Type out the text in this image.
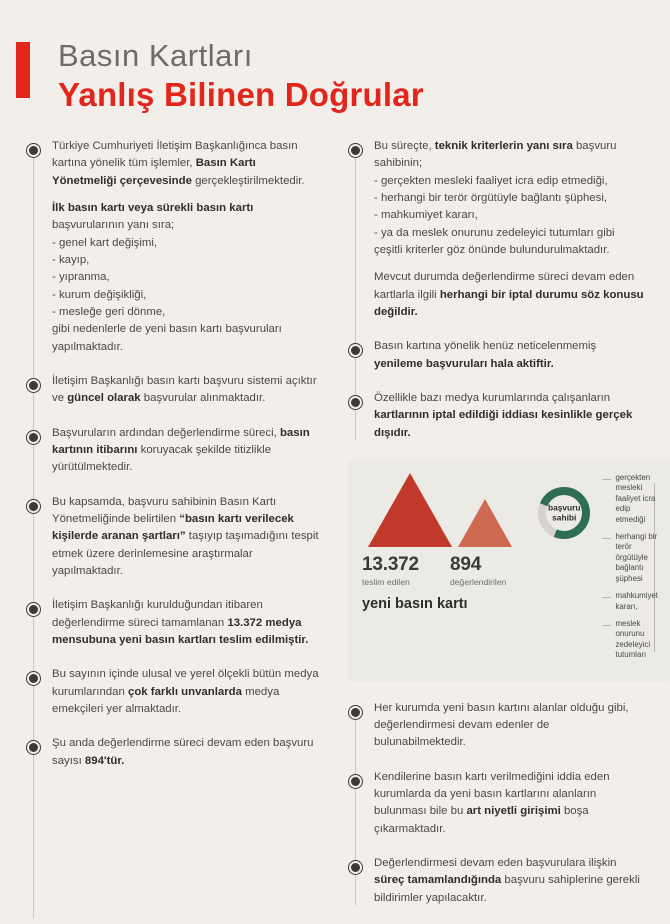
Basın Kartları
Yanlış Bilinen Doğrular

Türkiye Cumhuriyeti İletişim Başkanlığınca basın kartına yönelik tüm işlemler, Basın Kartı Yönetmeliği çerçevesinde gerçekleştirilmektedir.

İlk basın kartı veya sürekli basın kartı başvurularının yanı sıra;
- genel kart değişimi,
- kayıp,
- yıpranma,
- kurum değişikliği,
- mesleğe geri dönme,
gibi nedenlerle de yeni basın kartı başvuruları yapılmaktadır.

İletişim Başkanlığı basın kartı başvuru sistemi açıktır ve güncel olarak başvurular alınmaktadır.

Başvuruların ardından değerlendirme süreci, basın kartının itibarını koruyacak şekilde titizlikle yürütülmektedir.

Bu kapsamda, başvuru sahibinin Basın Kartı Yönetmeliğinde belirtilen “basın kartı verilecek kişilerde aranan şartları” taşıyıp taşımadığını tespit etmek üzere derinlemesine araştırmalar yapılmaktadır.

İletişim Başkanlığı kurulduğundan itibaren değerlendirme süreci tamamlanan 13.372 medya mensubuna yeni basın kartları teslim edilmiştir.

Bu sayının içinde ulusal ve yerel ölçekli bütün medya kurumlarından çok farklı unvanlarda medya emekçileri yer almaktadır.

Şu anda değerlendirme süreci devam eden başvuru sayısı 894'tür.

Bu süreçte, teknik kriterlerin yanı sıra başvuru sahibinin;
- gerçekten mesleki faaliyet icra edip etmediği,
- herhangi bir terör örgütüyle bağlantı şüphesi,
- mahkumiyet kararı,
- ya da meslek onurunu zedeleyici tutumları gibi çeşitli kriterler göz önünde bulundurulmaktadır.

Mevcut durumda değerlendirme süreci devam eden kartlarla ilgili herhangi bir iptal durumu söz konusu değildir.

Basın kartına yönelik henüz neticelenmemiş yenileme başvuruları hala aktiftir.

Özellikle bazı medya kurumlarında çalışanların kartlarının iptal edildiği iddiası kesinlikle gerçek dışıdır.

13.372
teslim edilen
894
değerlendirilen
yeni basın kartı
başvuru sahibi
gerçekten mesleki faaliyet icra edip etmediği
herhangi bir terör örgütüyle bağlantı şüphesi
mahkumiyet kararı,
meslek onurunu zedeleyici tutumları

Her kurumda yeni basın kartını alanlar olduğu gibi, değerlendirmesi devam edenler de bulunabilmektedir.

Kendilerine basın kartı verilmediğini iddia eden kurumlarda da yeni basın kartlarını alanların bulunması bile bu art niyetli girişimi boşa çıkarmaktadır.

Değerlendirmesi devam eden başvurulara ilişkin süreç tamamlandığında başvuru sahiplerine gerekli bildirimler yapılacaktır.
